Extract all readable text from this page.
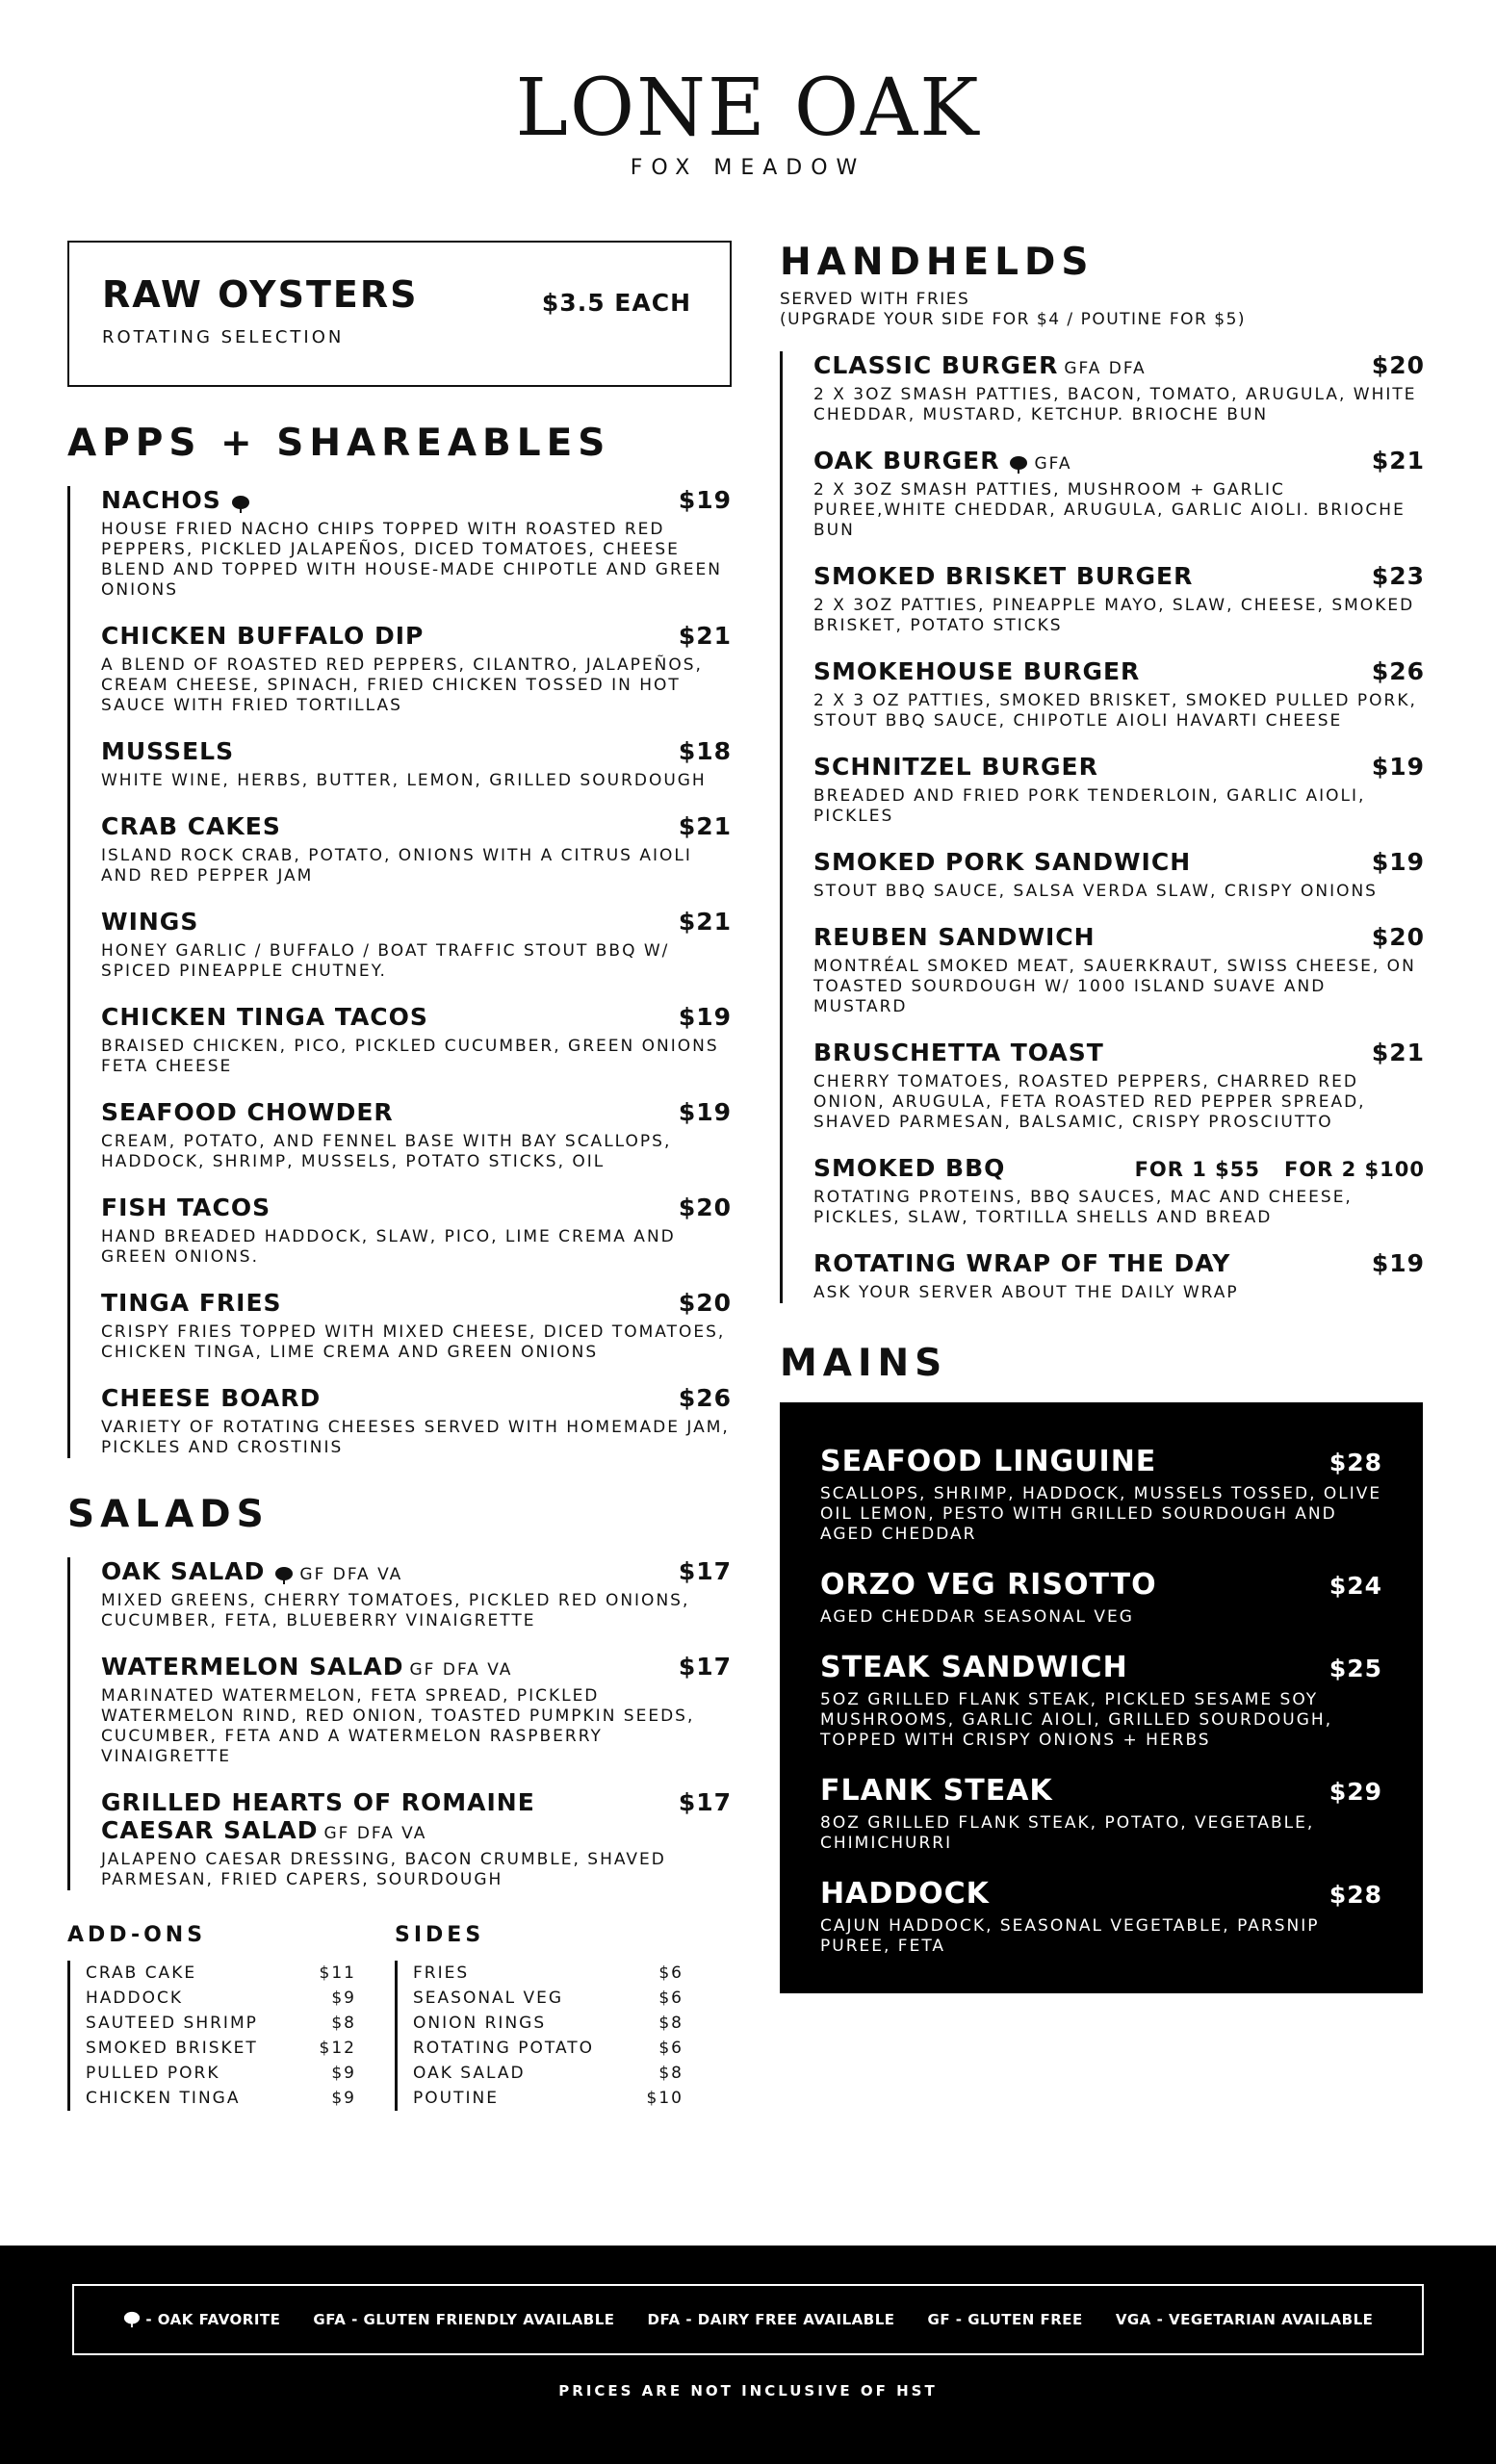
LONE OAK
FOX MEADOW
RAW OYSTERS	$3.5 EACH
ROTATING SELECTION
APPS + SHAREABLES
NACHOS	$19
HOUSE FRIED NACHO CHIPS TOPPED WITH ROASTED RED PEPPERS, PICKLED JALAPEÑOS, DICED TOMATOES, CHEESE BLEND AND TOPPED WITH HOUSE-MADE CHIPOTLE AND GREEN ONIONS
CHICKEN BUFFALO DIP	$21
A BLEND OF ROASTED RED PEPPERS, CILANTRO, JALAPEÑOS, CREAM CHEESE, SPINACH, FRIED CHICKEN TOSSED IN HOT SAUCE WITH FRIED TORTILLAS
MUSSELS	$18
WHITE WINE, HERBS, BUTTER, LEMON, GRILLED SOURDOUGH
CRAB CAKES	$21
ISLAND ROCK CRAB, POTATO, ONIONS WITH A CITRUS AIOLI AND RED PEPPER JAM
WINGS	$21
HONEY GARLIC / BUFFALO / BOAT TRAFFIC STOUT BBQ W/ SPICED PINEAPPLE CHUTNEY.
CHICKEN TINGA TACOS	$19
BRAISED CHICKEN, PICO, PICKLED CUCUMBER, GREEN ONIONS FETA CHEESE
SEAFOOD CHOWDER	$19
CREAM, POTATO, AND FENNEL BASE WITH BAY SCALLOPS, HADDOCK, SHRIMP, MUSSELS, POTATO STICKS, OIL
FISH TACOS	$20
HAND BREADED HADDOCK, SLAW, PICO, LIME CREMA AND GREEN ONIONS.
TINGA FRIES	$20
CRISPY FRIES TOPPED WITH MIXED CHEESE, DICED TOMATOES, CHICKEN TINGA, LIME CREMA AND GREEN ONIONS
CHEESE BOARD	$26
VARIETY OF ROTATING CHEESES SERVED WITH HOMEMADE JAM, PICKLES AND CROSTINIS
SALADS
OAK SALAD GF DFA VA	$17
MIXED GREENS, CHERRY TOMATOES, PICKLED RED ONIONS, CUCUMBER, FETA, BLUEBERRY VINAIGRETTE
WATERMELON SALAD GF DFA VA	$17
MARINATED WATERMELON, FETA SPREAD, PICKLED WATERMELON RIND, RED ONION, TOASTED PUMPKIN SEEDS, CUCUMBER, FETA AND A WATERMELON RASPBERRY VINAIGRETTE
GRILLED HEARTS OF ROMAINE CAESAR SALAD GF DFA VA
$17
JALAPENO CAESAR DRESSING, BACON CRUMBLE, SHAVED PARMESAN, FRIED CAPERS, SOURDOUGH
ADD-ONS
CRAB CAKE	$11
HADDOCK	$9
SAUTEED SHRIMP	$8
SMOKED BRISKET	$12
PULLED PORK	$9
CHICKEN TINGA	$9
SIDES
FRIES	$6
SEASONAL VEG	$6
ONION RINGS	$8
ROTATING POTATO	$6
OAK SALAD	$8
POUTINE	$10
HANDHELDS
SERVED WITH FRIES
(UPGRADE YOUR SIDE FOR $4 / POUTINE FOR $5)
CLASSIC BURGER GFA DFA	$20
2 X 3OZ SMASH PATTIES, BACON, TOMATO, ARUGULA, WHITE CHEDDAR, MUSTARD, KETCHUP. BRIOCHE BUN
OAK BURGER GFA	$21
2 X 3OZ SMASH PATTIES, MUSHROOM + GARLIC PUREE,WHITE CHEDDAR, ARUGULA, GARLIC AIOLI. BRIOCHE BUN
SMOKED BRISKET BURGER	$23
2 X 3OZ PATTIES, PINEAPPLE MAYO, SLAW, CHEESE, SMOKED BRISKET, POTATO STICKS
SMOKEHOUSE BURGER	$26
2 X 3 OZ PATTIES, SMOKED BRISKET, SMOKED PULLED PORK, STOUT BBQ SAUCE, CHIPOTLE AIOLI HAVARTI CHEESE
SCHNITZEL BURGER	$19
BREADED AND FRIED PORK TENDERLOIN, GARLIC AIOLI, PICKLES
SMOKED PORK SANDWICH	$19
STOUT BBQ SAUCE, SALSA VERDA SLAW, CRISPY ONIONS
REUBEN SANDWICH	$20
MONTRÉAL SMOKED MEAT, SAUERKRAUT, SWISS CHEESE, ON TOASTED SOURDOUGH W/ 1000 ISLAND SUAVE AND MUSTARD
BRUSCHETTA TOAST	$21
CHERRY TOMATOES, ROASTED PEPPERS, CHARRED RED ONION, ARUGULA, FETA ROASTED RED PEPPER SPREAD, SHAVED PARMESAN, BALSAMIC, CRISPY PROSCIUTTO
SMOKED BBQ	FOR 1 $55   FOR 2 $100
ROTATING PROTEINS, BBQ SAUCES, MAC AND CHEESE, PICKLES, SLAW, TORTILLA SHELLS AND BREAD
ROTATING WRAP OF THE DAY	$19
ASK YOUR SERVER ABOUT THE DAILY WRAP
MAINS
SEAFOOD LINGUINE	$28
SCALLOPS, SHRIMP, HADDOCK, MUSSELS TOSSED, OLIVE OIL LEMON, PESTO WITH GRILLED SOURDOUGH AND AGED CHEDDAR
ORZO VEG RISOTTO	$24
AGED CHEDDAR SEASONAL VEG
STEAK SANDWICH	$25
5OZ GRILLED FLANK STEAK, PICKLED SESAME SOY MUSHROOMS, GARLIC AIOLI, GRILLED SOURDOUGH, TOPPED WITH CRISPY ONIONS + HERBS
FLANK STEAK	$29
8OZ GRILLED FLANK STEAK, POTATO, VEGETABLE, CHIMICHURRI
HADDOCK	$28
CAJUN HADDOCK, SEASONAL VEGETABLE, PARSNIP PUREE, FETA
- OAK FAVORITE GFA - GLUTEN FRIENDLY AVAILABLE DFA - DAIRY FREE AVAILABLE GF - GLUTEN FREE VGA - VEGETARIAN AVAILABLE
PRICES ARE NOT INCLUSIVE OF HST
